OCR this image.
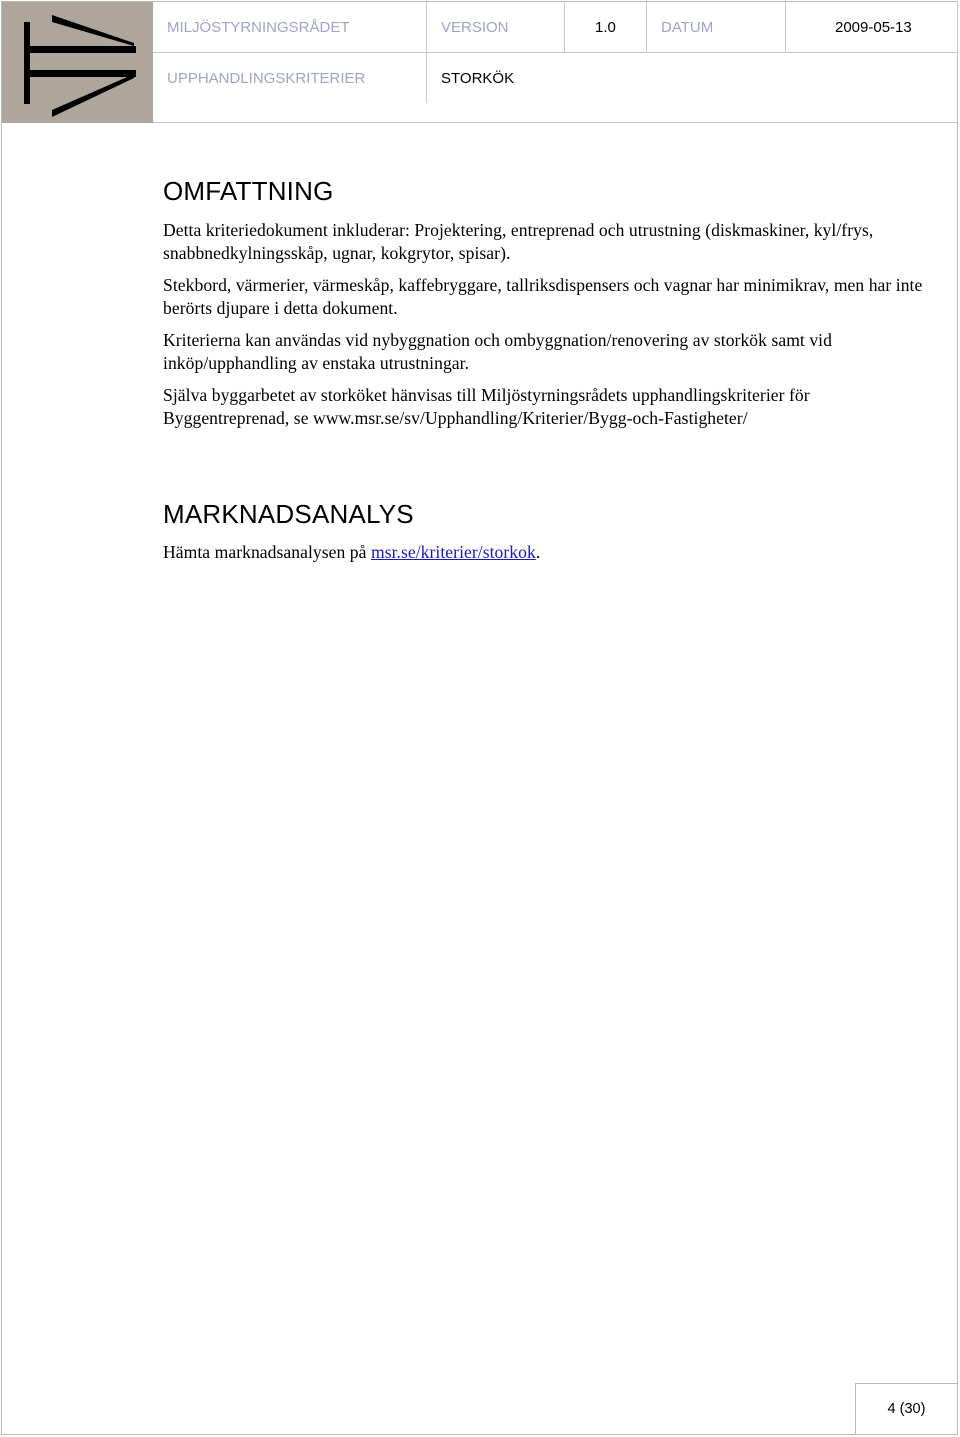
MILJÖSTYRNINGSRÅDET	VERSION	1.0	DATUM	2009-05-13
UPPHANDLINGSKRITERIER	STORKÖK
OMFATTNING

Detta kriteriedokument inkluderar: Projektering, entreprenad och utrustning (diskmaskiner, kyl/frys, snabbnedkylningsskåp, ugnar, kokgrytor, spisar).

Stekbord, värmerier, värmeskåp, kaffebryggare, tallriksdispensers och vagnar har minimikrav, men har inte berörts djupare i detta dokument.

Kriterierna kan användas vid nybyggnation och ombyggnation/renovering av storkök samt vid inköp/upphandling av enstaka utrustningar.

Själva byggarbetet av storköket hänvisas till Miljöstyrningsrådets upphandlingskriterier för Byggentreprenad, se www.msr.se/sv/Upphandling/Kriterier/Bygg-och-Fastigheter/

MARKNADSANALYS

Hämta marknadsanalysen på msr.se/kriterier/storkok.

4 (30)
